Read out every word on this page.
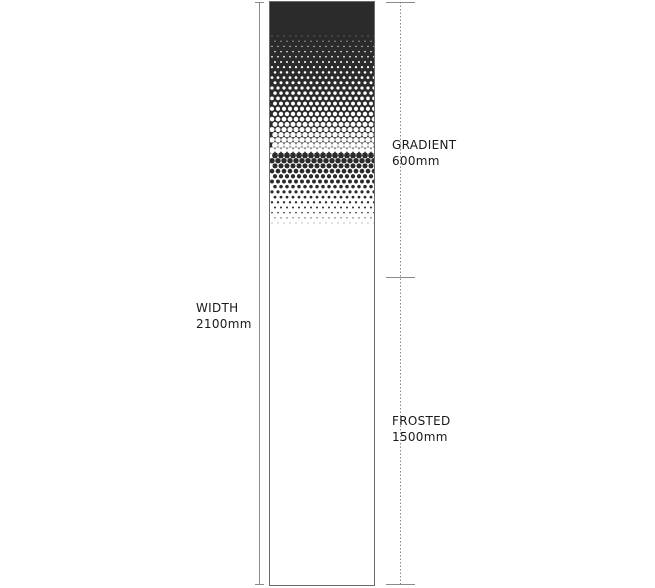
WIDTH
2100mm
GRADIENT
600mm
FROSTED
1500mm
